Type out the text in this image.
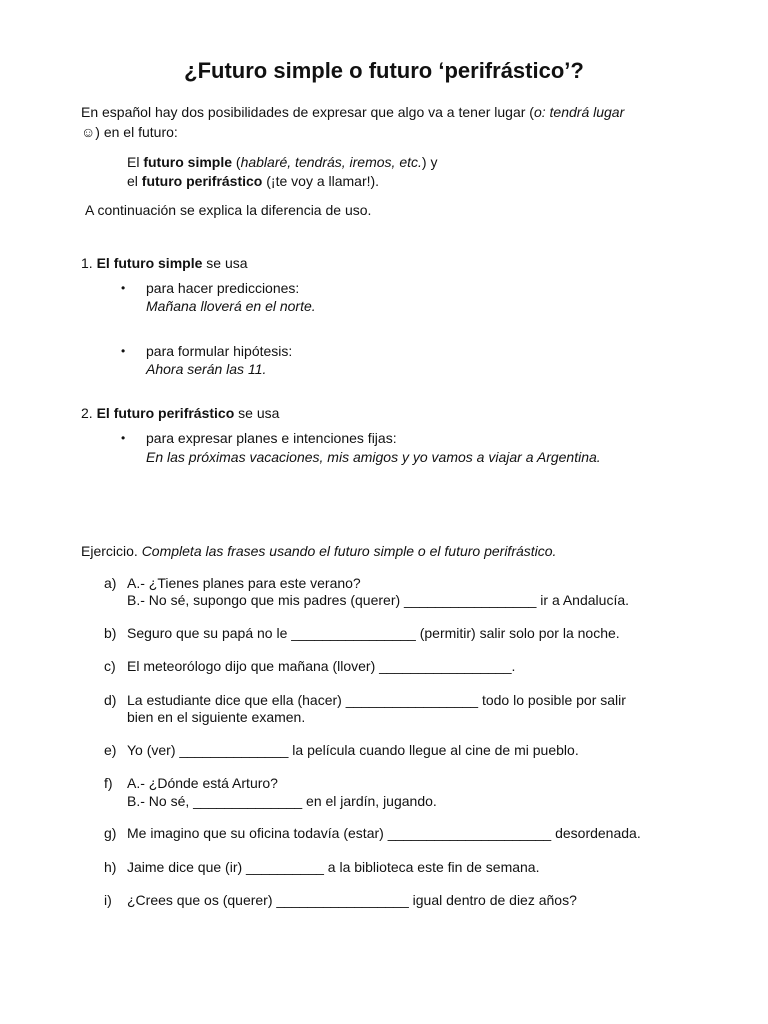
¿Futuro simple o futuro ‘perifrástico’?
En español hay dos posibilidades de expresar que algo va a tener lugar (o: tendrá lugar
☺) en el futuro:
El futuro simple (hablaré, tendrás, iremos, etc.) y
el futuro perifrástico (¡te voy a llamar!).
A continuación se explica la diferencia de uso.
1. El futuro simple se usa
•
para hacer predicciones:
Mañana lloverá en el norte.
•
para formular hipótesis:
Ahora serán las 11.
2. El futuro perifrástico se usa
•
para expresar planes e intenciones fijas:
En las próximas vacaciones, mis amigos y yo vamos a viajar a Argentina.
Ejercicio. Completa las frases usando el futuro simple o el futuro perifrástico.
a) A.- ¿Tienes planes para este verano?
B.- No sé, supongo que mis padres (querer) _________________ ir a Andalucía.
b) Seguro que su papá no le ________________ (permitir) salir solo por la noche.
c) El meteorólogo dijo que mañana (llover) _________________.
d) La estudiante dice que ella (hacer) _________________ todo lo posible por salir
bien en el siguiente examen.
e) Yo (ver) ______________ la película cuando llegue al cine de mi pueblo.
f) A.- ¿Dónde está Arturo?
B.- No sé, ______________ en el jardín, jugando.
g) Me imagino que su oficina todavía (estar) _____________________ desordenada.
h) Jaime dice que (ir) __________ a la biblioteca este fin de semana.
i) ¿Crees que os (querer) _________________ igual dentro de diez años?
